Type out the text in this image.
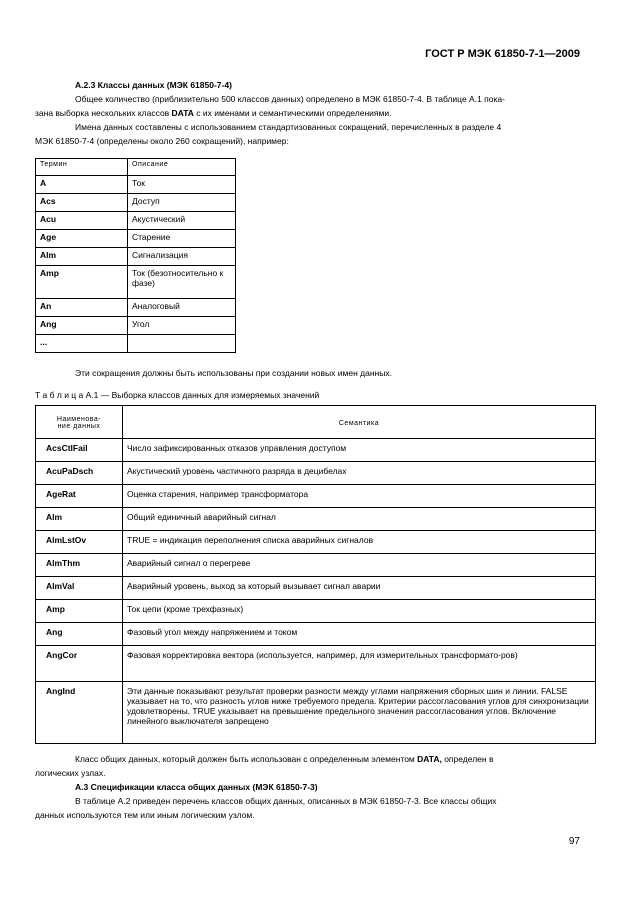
ГОСТ Р МЭК 61850-7-1—2009
А.2.3 Классы данных (МЭК 61850-7-4)
Общее количество (приблизительно 500 классов данных) определено в МЭК 61850-7-4. В таблице А.1 пока-
зана выборка нескольких классов DATA с их именами и семантическими определениями.
Имена данных составлены с использованием стандартизованных сокращений, перечисленных в разделе 4
МЭК 61850-7-4 (определены около 260 сокращений), например:
Термин	Описание
A	Ток
Acs	Доступ
Acu	Акустический
Age	Старение
Alm	Сигнализация
Amp	Ток (безотносительно к фазе)
An	Аналоговый
Ang	Угол
...	
Эти сокращения должны быть использованы при создании новых имен данных.
Т а б л и ц а А.1 — Выборка классов данных для измеряемых значений
Наименова-
ние данных	Семантика
AcsCtlFail	Число зафиксированных отказов управления доступом
AcuPaDsch	Акустический уровень частичного разряда в децибелах
AgeRat	Оценка старения, например трансформатора
Alm	Общий единичный аварийный сигнал
AlmLstOv	TRUE = индикация переполнения списка аварийных сигналов
AlmThm	Аварийный сигнал о перегреве
AlmVal	Аварийный уровень, выход за который вызывает сигнал аварии
Amp	Ток цепи (кроме трехфазных)
Ang	Фазовый угол между напряжением и током
AngCor	Фазовая корректировка вектора (используется, например, для измерительных трансформато-ров)
AngInd	Эти данные показывают результат проверки разности между углами напряжения сборных шин и линии. FALSE указывает на то, что разность углов ниже требуемого предела. Критерии рассогласования углов для синхронизации удовлетворены. TRUE указывает на превышение предельного значения рассогласования углов. Включение линейного выключателя запрещено
Класс общих данных, который должен быть использован с определенным элементом DATA, определен в
логических узлах.
А.3 Спецификации класса общих данных (МЭК 61850-7-3)
В таблице А.2 приведен перечень классов общих данных, описанных в МЭК 61850-7-3. Все классы общих
данных используются тем или иным логическим узлом.
97
